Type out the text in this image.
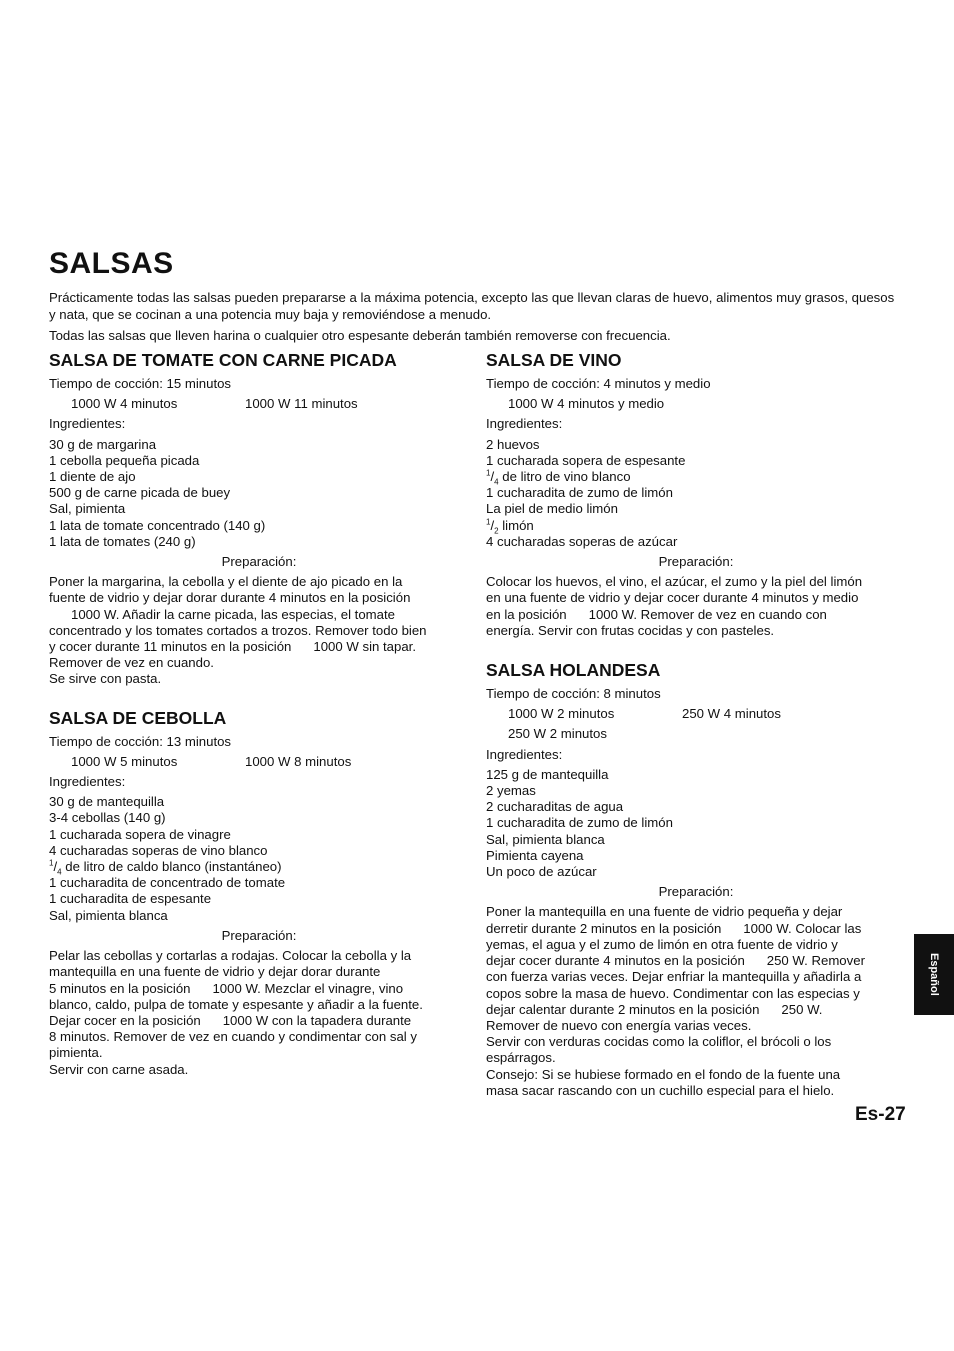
SALSAS

Prácticamente todas las salsas pueden prepararse a la máxima potencia, excepto las que llevan claras de huevo, alimentos muy grasos, quesos y nata, que se cocinan a una potencia muy baja y removiéndose a menudo.

Todas las salsas que lleven harina o cualquier otro espesante deberán también removerse con frecuencia.

SALSA DE TOMATE CON CARNE PICADA

Tiempo de cocción: 15 minutos

1000 W 4 minutos	1000 W 11 minutos

Ingredientes:

30 g de margarina

1 cebolla pequeña picada

1 diente de ajo

500 g de carne picada de buey

Sal, pimienta

1 lata de tomate concentrado (140 g)

1 lata de tomates (240 g)

Preparación:

Poner la margarina, la cebolla y el diente de ajo picado en la

fuente de vidrio y dejar dorar durante 4 minutos en la posición

1000 W. Añadir la carne picada, las especias, el tomate

concentrado y los tomates cortados a trozos. Remover todo bien

y cocer durante 11 minutos en la posición      1000 W sin tapar.

Remover de vez en cuando.

Se sirve con pasta.

SALSA DE CEBOLLA

Tiempo de cocción: 13 minutos

1000 W 5 minutos	1000 W 8 minutos

Ingredientes:

30 g de mantequilla

3-4 cebollas (140 g)

1 cucharada sopera de vinagre

4 cucharadas soperas de vino blanco

$^1/_4$ de litro de caldo blanco (instantáneo)

1 cucharadita de concentrado de tomate

1 cucharadita de espesante

Sal, pimienta blanca

Preparación:

Pelar las cebollas y cortarlas a rodajas. Colocar la cebolla y la

mantequilla en una fuente de vidrio y dejar dorar durante

5 minutos en la posición      1000 W. Mezclar el vinagre, vino

blanco, caldo, pulpa de tomate y espesante y añadir a la fuente.

Dejar cocer en la posición      1000 W con la tapadera durante

8 minutos. Remover de vez en cuando y condimentar con sal y

pimienta.

Servir con carne asada.

SALSA DE VINO

Tiempo de cocción: 4 minutos y medio

1000 W 4 minutos y medio

Ingredientes:

2 huevos

1 cucharada sopera de espesante

$^1/_4$ de litro de vino blanco

1 cucharadita de zumo de limón

La piel de medio limón

$^1/_2$ limón

4 cucharadas soperas de azúcar

Preparación:

Colocar los huevos, el vino, el azúcar, el zumo y la piel del limón

en una fuente de vidrio y dejar cocer durante 4 minutos y medio

en la posición      1000 W. Remover de vez en cuando con

energía. Servir con frutas cocidas y con pasteles.

SALSA HOLANDESA

Tiempo de cocción: 8 minutos

1000 W 2 minutos	250 W 4 minutos

250 W 2 minutos

Ingredientes:

125 g de mantequilla

2 yemas

2 cucharaditas de agua

1 cucharadita de zumo de limón

Sal, pimienta blanca

Pimienta cayena

Un poco de azúcar

Preparación:

Poner la mantequilla en una fuente de vidrio pequeña y dejar

derretir durante 2 minutos en la posición      1000 W. Colocar las

yemas, el agua y el zumo de limón en otra fuente de vidrio y

dejar cocer durante 4 minutos en la posición      250 W. Remover

con fuerza varias veces. Dejar enfriar la mantequilla y añadirla a

copos sobre la masa de huevo. Condimentar con las especias y

dejar calentar durante 2 minutos en la posición      250 W.

Remover de nuevo con energía varias veces.

Servir con verduras cocidas como la coliflor, el brócoli o los

espárragos.

Consejo: Si se hubiese formado en el fondo de la fuente una

masa sacar rascando con un cuchillo especial para el hielo.

Es-27
Español
